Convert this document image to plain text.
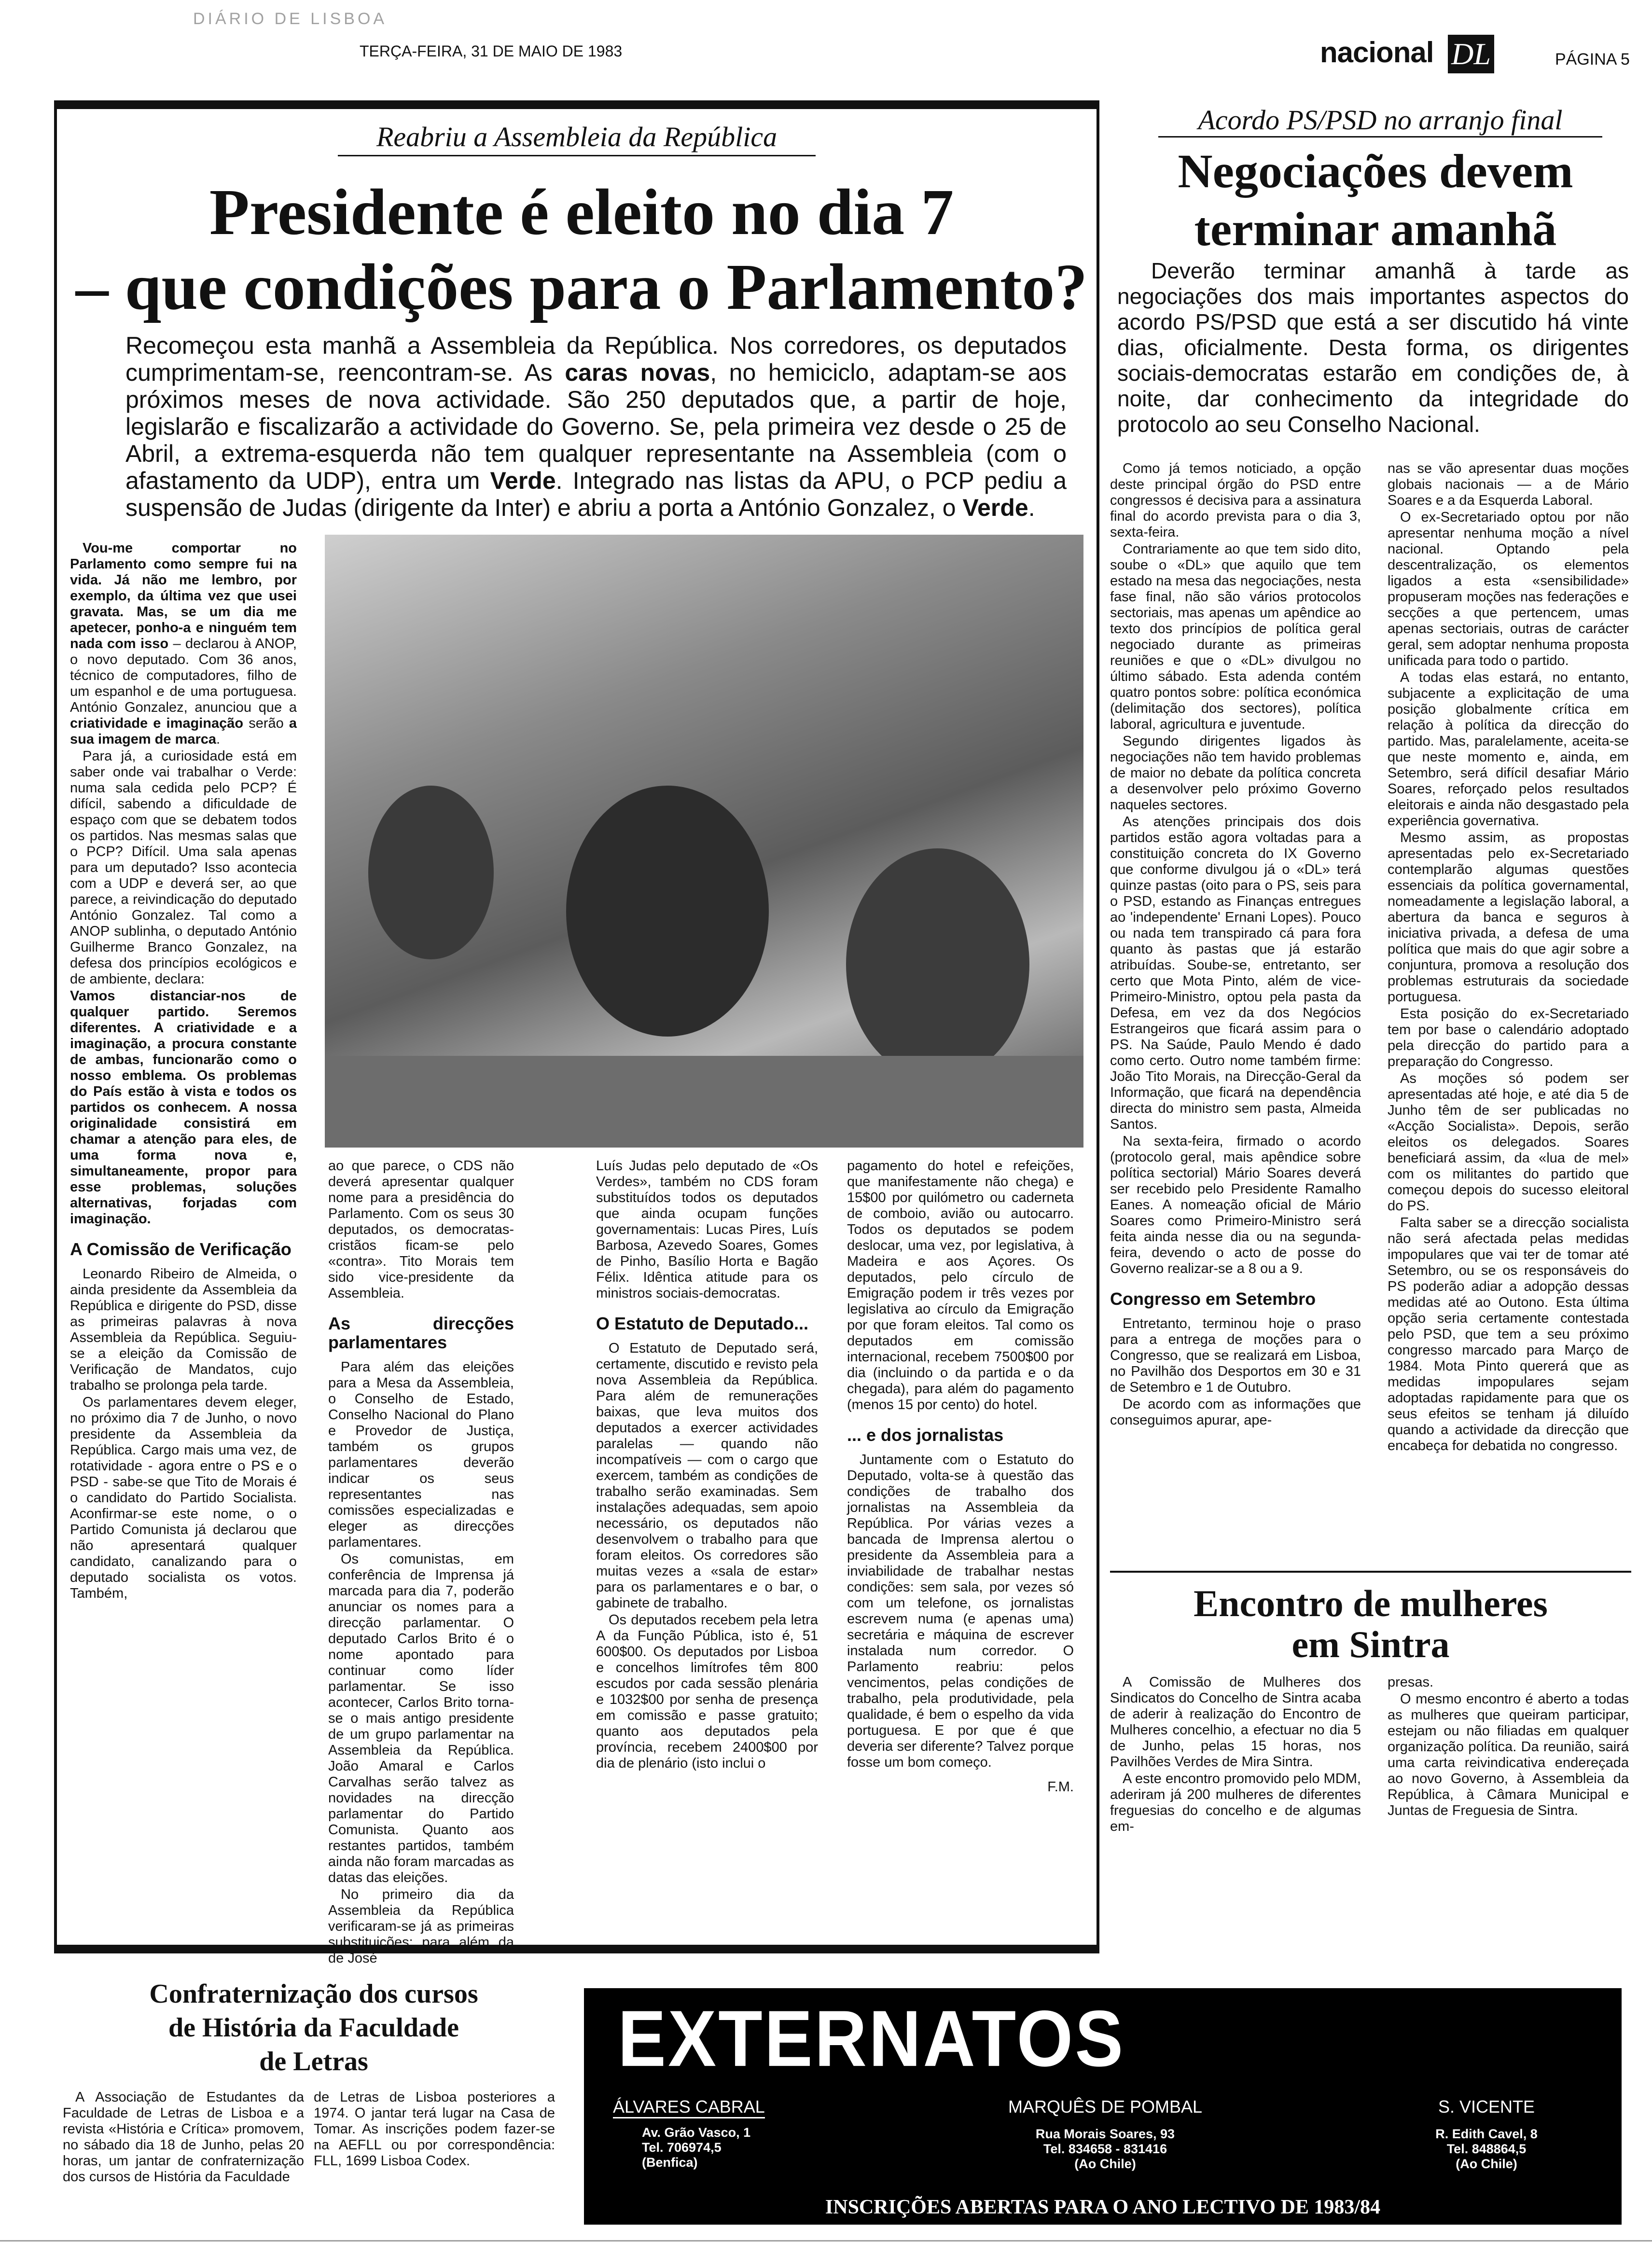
DIÁRIO DE LISBOA
TERÇA-FEIRA, 31 DE MAIO DE 1983	nacional DL	PÁGINA 5
Reabriu a Assembleia da República
Presidente é eleito no dia 7
– que condições para o Parlamento?
Recomeçou esta manhã a Assembleia da República. Nos corredores, os deputados cumprimentam-se, reencontram-se. As caras novas, no hemiciclo, adaptam-se aos próximos meses de nova actividade. São 250 deputados que, a partir de hoje, legislarão e fiscalizarão a actividade do Governo. Se, pela primeira vez desde o 25 de Abril, a extrema-esquerda não tem qualquer representante na Assembleia (com o afastamento da UDP), entra um Verde. Integrado nas listas da APU, o PCP pediu a suspensão de Judas (dirigente da Inter) e abriu a porta a António Gonzalez, o Verde.

Vou-me comportar no Parlamento como sempre fui na vida. Já não me lembro, por exemplo, da última vez que usei gravata. Mas, se um dia me apetecer, ponho-a e ninguém tem nada com isso – declarou à ANOP, o novo deputado. Com 36 anos, técnico de computadores, filho de um espanhol e de uma portuguesa. António Gonzalez, anunciou que a criatividade e imaginação serão a sua imagem de marca.

Para já, a curiosidade está em saber onde vai trabalhar o Verde: numa sala cedida pelo PCP? É difícil, sabendo a dificuldade de espaço com que se debatem todos os partidos. Nas mesmas salas que o PCP? Difícil. Uma sala apenas para um deputado? Isso acontecia com a UDP e deverá ser, ao que parece, a reivindicação do deputado António Gonzalez. Tal como a ANOP sublinha, o deputado António Guilherme Branco Gonzalez, na defesa dos princípios ecológicos e de ambiente, declara:

Vamos distanciar-nos de qualquer partido. Seremos diferentes. A criatividade e a imaginação, a procura constante de ambas, funcionarão como o nosso emblema. Os problemas do País estão à vista e todos os partidos os conhecem. A nossa originalidade consistirá em chamar a atenção para eles, de uma forma nova e, simultaneamente, propor para esse problemas, soluções alternativas, forjadas com imaginação.

A Comissão de Verificação

Leonardo Ribeiro de Almeida, o ainda presidente da Assembleia da República e dirigente do PSD, disse as primeiras palavras à nova Assembleia da República. Seguiu-se a eleição da Comissão de Verificação de Mandatos, cujo trabalho se prolonga pela tarde.

Os parlamentares devem eleger, no próximo dia 7 de Junho, o novo presidente da Assembleia da República. Cargo mais uma vez, de rotatividade - agora entre o PS e o PSD - sabe-se que Tito de Morais é o candidato do Partido Socialista. Aconfirmar-se este nome, o o Partido Comunista já declarou que não apresentará qualquer candidato, canalizando para o deputado socialista os votos. Também,

ao que parece, o CDS não deverá apresentar qualquer nome para a presidência do Parlamento. Com os seus 30 deputados, os democratas-cristãos ficam-se pelo «contra». Tito Morais tem sido vice-presidente da Assembleia.

As direcções parlamentares

Para além das eleições para a Mesa da Assembleia, o Conselho de Estado, Conselho Nacional do Plano e Provedor de Justiça, também os grupos parlamentares deverão indicar os seus representantes nas comissões especializadas e eleger as direcções parlamentares.

Os comunistas, em conferência de Imprensa já marcada para dia 7, poderão anunciar os nomes para a direcção parlamentar. O deputado Carlos Brito é o nome apontado para continuar como líder parlamentar. Se isso acontecer, Carlos Brito torna-se o mais antigo presidente de um grupo parlamentar na Assembleia da República. João Amaral e Carlos Carvalhas serão talvez as novidades na direcção parlamentar do Partido Comunista. Quanto aos restantes partidos, também ainda não foram marcadas as datas das eleições.

No primeiro dia da Assembleia da República verificaram-se já as primeiras substituições: para além da de José

Luís Judas pelo deputado de «Os Verdes», também no CDS foram substituídos todos os deputados que ainda ocupam funções governamentais: Lucas Pires, Luís Barbosa, Azevedo Soares, Gomes de Pinho, Basílio Horta e Bagão Félix. Idêntica atitude para os ministros sociais-democratas.

O Estatuto de Deputado...

O Estatuto de Deputado será, certamente, discutido e revisto pela nova Assembleia da República. Para além de remunerações baixas, que leva muitos dos deputados a exercer actividades paralelas — quando não incompatíveis — com o cargo que exercem, também as condições de trabalho serão examinadas. Sem instalações adequadas, sem apoio necessário, os deputados não desenvolvem o trabalho para que foram eleitos. Os corredores são muitas vezes a «sala de estar» para os parlamentares e o bar, o gabinete de trabalho.

Os deputados recebem pela letra A da Função Pública, isto é, 51 600$00. Os deputados por Lisboa e concelhos limítrofes têm 800 escudos por cada sessão plenária e 1032$00 por senha de presença em comissão e passe gratuito; quanto aos deputados pela província, recebem 2400$00 por dia de plenário (isto inclui o

pagamento do hotel e refeições, que manifestamente não chega) e 15$00 por quilómetro ou caderneta de comboio, avião ou autocarro. Todos os deputados se podem deslocar, uma vez, por legislativa, à Madeira e aos Açores. Os deputados, pelo círculo de Emigração podem ir três vezes por legislativa ao círculo da Emigração por que foram eleitos. Tal como os deputados em comissão internacional, recebem 7500$00 por dia (incluindo o da partida e o da chegada), para além do pagamento (menos 15 por cento) do hotel.

... e dos jornalistas

Juntamente com o Estatuto do Deputado, volta-se à questão das condições de trabalho dos jornalistas na Assembleia da República. Por várias vezes a bancada de Imprensa alertou o presidente da Assembleia para a inviabilidade de trabalhar nestas condições: sem sala, por vezes só com um telefone, os jornalistas escrevem numa (e apenas uma) secretária e máquina de escrever instalada num corredor. O Parlamento reabriu: pelos vencimentos, pelas condições de trabalho, pela produtividade, pela qualidade, é bem o espelho da vida portuguesa. E por que é que deveria ser diferente? Talvez porque fosse um bom começo.

F.M.

Acordo PS/PSD no arranjo final
Negociações devem
terminar amanhã
Deverão terminar amanhã à tarde as negociações dos mais importantes aspectos do acordo PS/PSD que está a ser discutido há vinte dias, oficialmente. Desta forma, os dirigentes sociais-democratas estarão em condições de, à noite, dar conhecimento da integridade do protocolo ao seu Conselho Nacional.

Como já temos noticiado, a opção deste principal órgão do PSD entre congressos é decisiva para a assinatura final do acordo prevista para o dia 3, sexta-feira.

Contrariamente ao que tem sido dito, soube o «DL» que aquilo que tem estado na mesa das negociações, nesta fase final, não são vários protocolos sectoriais, mas apenas um apêndice ao texto dos princípios de política geral negociado durante as primeiras reuniões e que o «DL» divulgou no último sábado. Esta adenda contém quatro pontos sobre: política económica (delimitação dos sectores), política laboral, agricultura e juventude.

Segundo dirigentes ligados às negociações não tem havido problemas de maior no debate da política concreta a desenvolver pelo próximo Governo naqueles sectores.

As atenções principais dos dois partidos estão agora voltadas para a constituição concreta do IX Governo que conforme divulgou já o «DL» terá quinze pastas (oito para o PS, seis para o PSD, estando as Finanças entregues ao 'independente' Ernani Lopes). Pouco ou nada tem transpirado cá para fora quanto às pastas que já estarão atribuídas. Soube-se, entretanto, ser certo que Mota Pinto, além de vice-Primeiro-Ministro, optou pela pasta da Defesa, em vez da dos Negócios Estrangeiros que ficará assim para o PS. Na Saúde, Paulo Mendo é dado como certo. Outro nome também firme: João Tito Morais, na Direcção-Geral da Informação, que ficará na dependência directa do ministro sem pasta, Almeida Santos.

Na sexta-feira, firmado o acordo (protocolo geral, mais apêndice sobre política sectorial) Mário Soares deverá ser recebido pelo Presidente Ramalho Eanes. A nomeação oficial de Mário Soares como Primeiro-Ministro será feita ainda nesse dia ou na segunda-feira, devendo o acto de posse do Governo realizar-se a 8 ou a 9.

Congresso em Setembro

Entretanto, terminou hoje o praso para a entrega de moções para o Congresso, que se realizará em Lisboa, no Pavilhão dos Desportos em 30 e 31 de Setembro e 1 de Outubro.

De acordo com as informações que conseguimos apurar, ape-

nas se vão apresentar duas moções globais nacionais — a de Mário Soares e a da Esquerda Laboral.

O ex-Secretariado optou por não apresentar nenhuma moção a nível nacional. Optando pela descentralização, os elementos ligados a esta «sensibilidade» propuseram moções nas federações e secções a que pertencem, umas apenas sectoriais, outras de carácter geral, sem adoptar nenhuma proposta unificada para todo o partido.

A todas elas estará, no entanto, subjacente a explicitação de uma posição globalmente crítica em relação à política da direcção do partido. Mas, paralelamente, aceita-se que neste momento e, ainda, em Setembro, será difícil desafiar Mário Soares, reforçado pelos resultados eleitorais e ainda não desgastado pela experiência governativa.

Mesmo assim, as propostas apresentadas pelo ex-Secretariado contemplarão algumas questões essenciais da política governamental, nomeadamente a legislação laboral, a abertura da banca e seguros à iniciativa privada, a defesa de uma política que mais do que agir sobre a conjuntura, promova a resolução dos problemas estruturais da sociedade portuguesa.

Esta posição do ex-Secretariado tem por base o calendário adoptado pela direcção do partido para a preparação do Congresso.

As moções só podem ser apresentadas até hoje, e até dia 5 de Junho têm de ser publicadas no «Acção Socialista». Depois, serão eleitos os delegados. Soares beneficiará assim, da «lua de mel» com os militantes do partido que começou depois do sucesso eleitoral do PS.

Falta saber se a direcção socialista não será afectada pelas medidas impopulares que vai ter de tomar até Setembro, ou se os responsáveis do PS poderão adiar a adopção dessas medidas até ao Outono. Esta última opção seria certamente contestada pelo PSD, que tem a seu próximo congresso marcado para Março de 1984. Mota Pinto quererá que as medidas impopulares sejam adoptadas rapidamente para que os seus efeitos se tenham já diluído quando a actividade da direcção que encabeça for debatida no congresso.

Encontro de mulheres
em Sintra

A Comissão de Mulheres dos Sindicatos do Concelho de Sintra acaba de aderir à realização do Encontro de Mulheres concelhio, a efectuar no dia 5 de Junho, pelas 15 horas, nos Pavilhões Verdes de Mira Sintra.

A este encontro promovido pelo MDM, aderiram já 200 mulheres de diferentes freguesias do concelho e de algumas em-

presas.

O mesmo encontro é aberto a todas as mulheres que queiram participar, estejam ou não filiadas em qualquer organização política. Da reunião, sairá uma carta reivindicativa endereçada ao novo Governo, à Assembleia da República, à Câmara Municipal e Juntas de Freguesia de Sintra.

Confraternização dos cursos
de História da Faculdade
de Letras

A Associação de Estudantes da Faculdade de Letras de Lisboa e a revista «História e Crítica» promovem, no sábado dia 18 de Junho, pelas 20 horas, um jantar de confraternização dos cursos de História da Faculdade

de Letras de Lisboa posteriores a 1974. O jantar terá lugar na Casa de Tomar. As inscrições podem fazer-se na AEFLL ou por correspondência: FLL, 1699 Lisboa Codex.

EXTERNATOS
ÁLVARES CABRAL
Av. Grão Vasco, 1
Tel. 706974,5
(Benfica)
MARQUÊS DE POMBAL
Rua Morais Soares, 93
Tel. 834658 - 831416
(Ao Chile)
S. VICENTE
R. Edith Cavel, 8
Tel. 848864,5
(Ao Chile)
INSCRIÇÕES ABERTAS PARA O ANO LECTIVO DE 1983/84
